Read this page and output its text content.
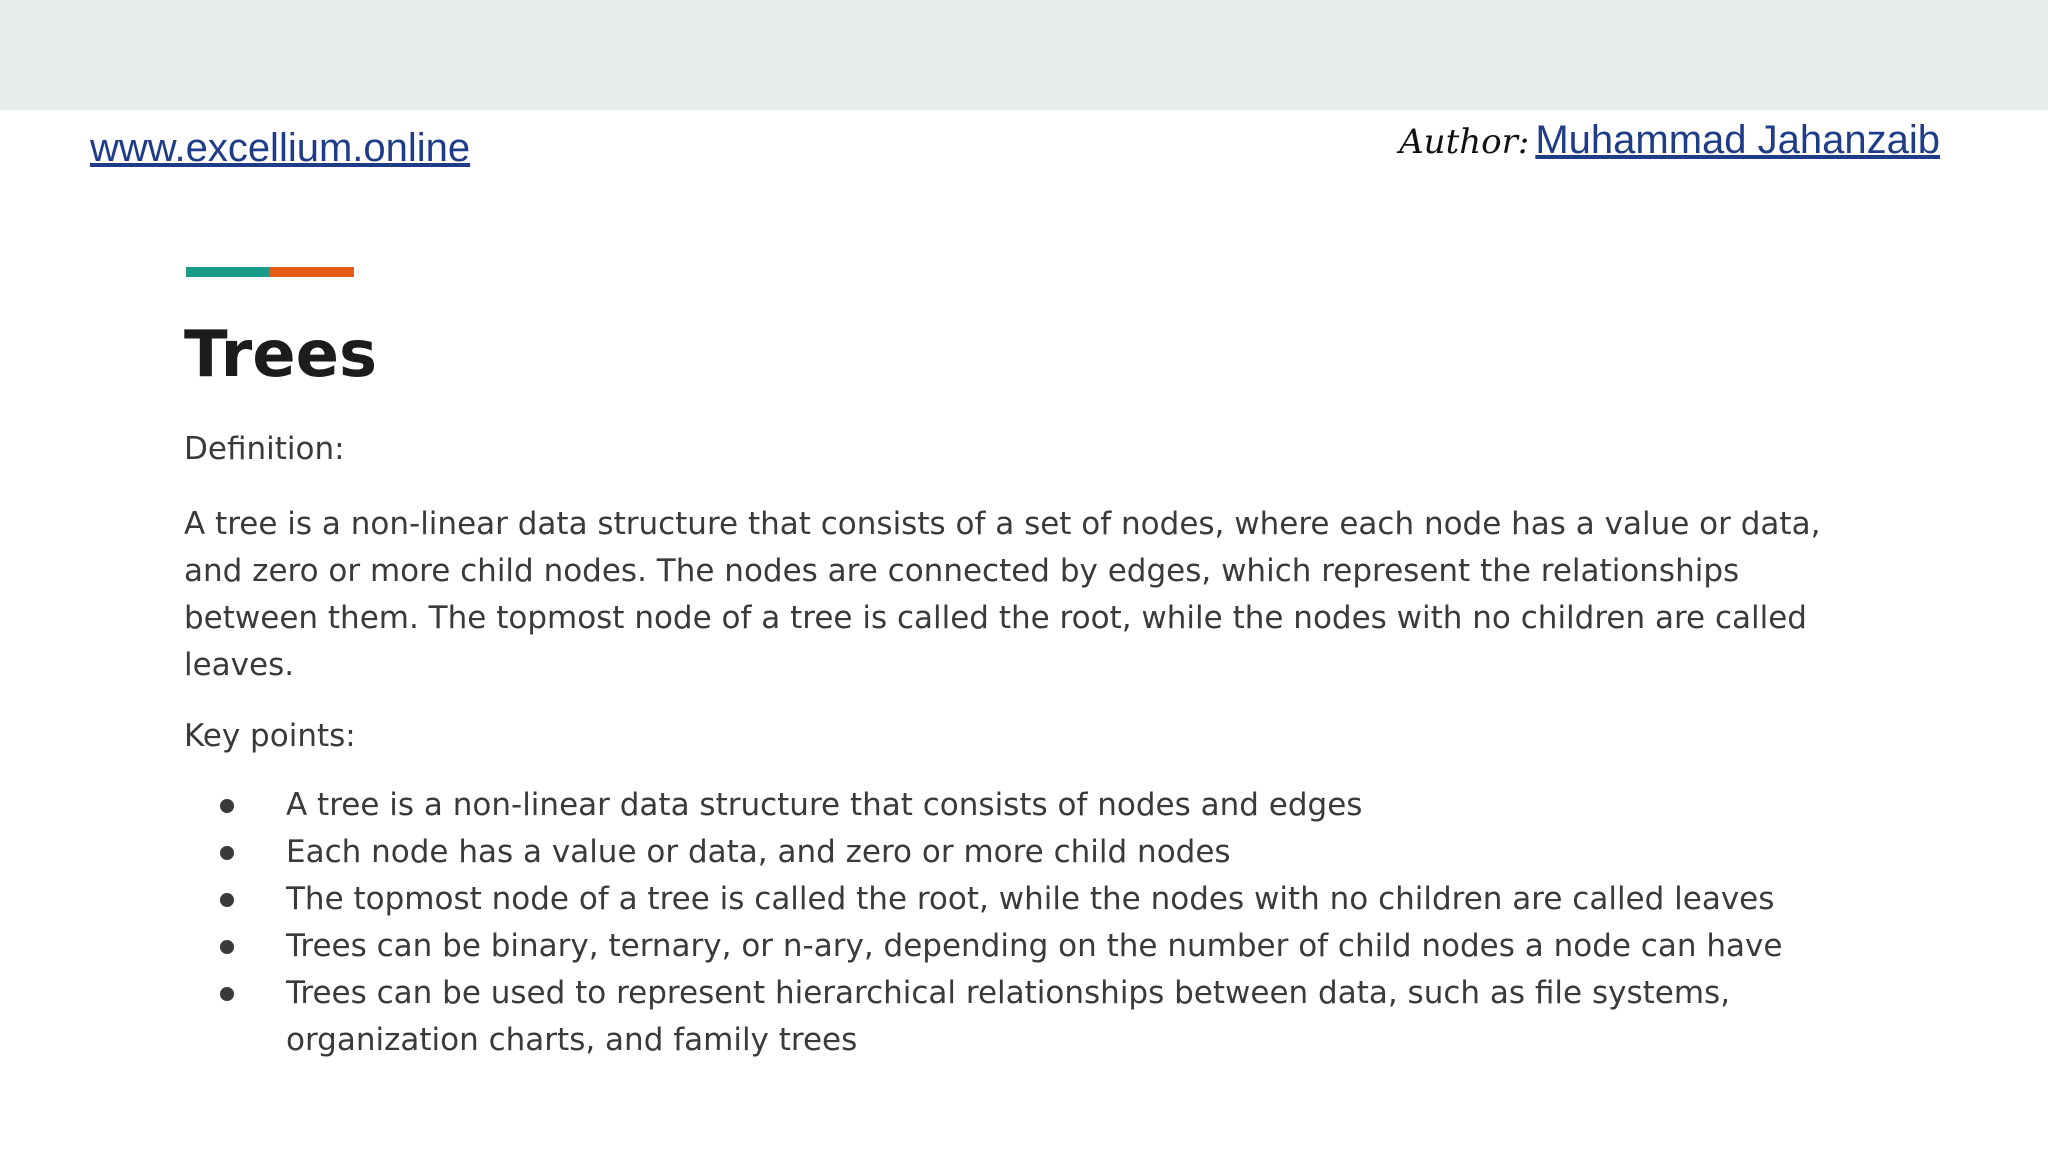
www.excellium.online	Author: Muhammad Jahanzaib
Trees

Definition:

A tree is a non-linear data structure that consists of a set of nodes, where each node has a value or data, and zero or more child nodes. The nodes are connected by edges, which represent the relationships between them. The topmost node of a tree is called the root, while the nodes with no children are called leaves.

Key points:

A tree is a non-linear data structure that consists of nodes and edges
Each node has a value or data, and zero or more child nodes
The topmost node of a tree is called the root, while the nodes with no children are called leaves
Trees can be binary, ternary, or n-ary, depending on the number of child nodes a node can have
Trees can be used to represent hierarchical relationships between data, such as file systems, organization charts, and family trees
